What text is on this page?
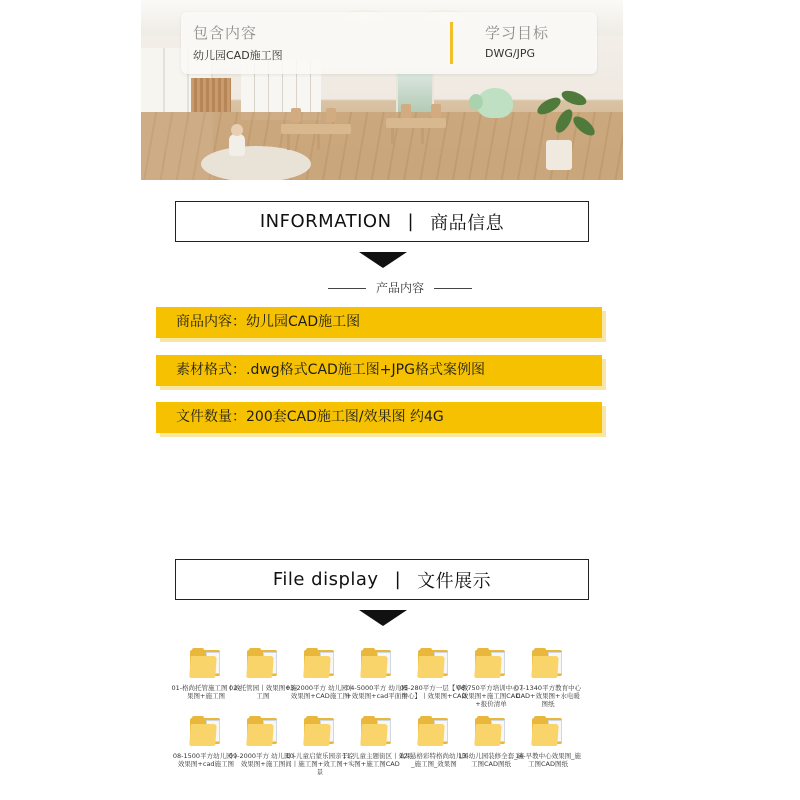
包含内容
幼儿园CAD施工图
学习目标
DWG/JPG
INFORMATION | 商品信息
产品内容
商品内容：幼儿园CAD施工图
素材格式：.dwg格式CAD施工图+JPG格式案例图
文件数量：200套CAD施工图/效果图 约4G
File display | 文件展示
01-格尚托管施工图丨效果图+施工图
02-托管园丨效果图+施工图
03-2000平方 幼儿园丨效果图+CAD施工图
04-5000平方 幼儿园+效果图+cad平面图
05-280平方一层【早教中心】丨效果图+CAD
06-750平方培训中心丨效果图+施工图CAD+报价清单
07-1340平方教育中心CAD+效果图+水电暖图纸
08-1500平方幼儿园丨效果图+cad施工图
09-2000平方 幼儿园丨效果图+施工图
10-儿童启蒙乐园亲子空间丨施工图+效工图+实景
11-儿童主题街区丨效果图+施工图CAD
12-悬格彩特格尚幼儿园_施工图_效果图
13-幼儿园装修全套_施工图CAD图纸
14-早教中心效果图_施工图CAD图纸
